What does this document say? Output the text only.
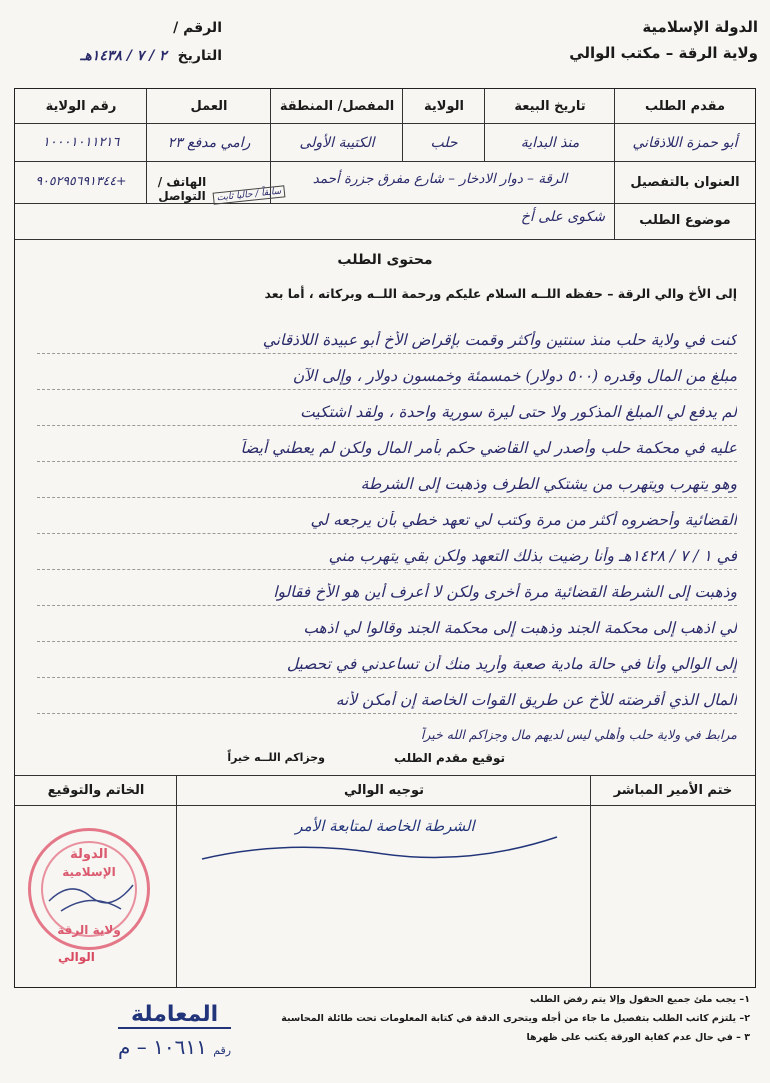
الدولة الإسلامية
ولاية الرقة – مكتب الوالي
الرقم /
التاريخ ٢ / ٧ / ١٤٣٨هـ
مقدم الطلب
تاريخ البيعة
الولاية
المفصل/ المنطقة
العمل
رقم الولاية
أبو حمزة اللاذقاني
منذ البداية
حلب
الكتيبة الأولى
رامي مدفع ٢٣
١٠٠٠١٠١١٢١٦
العنوان بالتفصيل
الرقة – دوار الادخار – شارع مفرق جزرة أحمد
سابقاً / حاليا ثابت
الهاتف / التواصل
+٩٠٥٢٩٥٦٩١٣٤٤
موضوع الطلب
شكوى على أخ
محتوى الطلب
إلى الأخ والي الرقة – حفظه اللــه السلام عليكم ورحمة اللــه وبركاته ، أما بعد
كنت في ولاية حلب منذ سنتين وأكثر وقمت بإقراض الأخ أبو عبيدة اللاذقاني
مبلغ من المال وقدره (٥٠٠ دولار) خمسمئة وخمسون دولار ، وإلى الآن
لم يدفع لي المبلغ المذكور ولا حتى ليرة سورية واحدة ، ولقد اشتكيت
عليه في محكمة حلب وأصدر لي القاضي حكم بأمر المال ولكن لم يعطني أيضاً
وهو يتهرب ويتهرب من يشتكي الطرف وذهبت إلى الشرطة
القضائية وأحضروه أكثر من مرة وكتب لي تعهد خطي بأن يرجعه لي
في ١ / ٧ / ١٤٢٨هـ وأنا رضيت بذلك التعهد ولكن بقي يتهرب مني
وذهبت إلى الشرطة القضائية مرة أخرى ولكن لا أعرف أين هو الأخ فقالوا
لي اذهب إلى محكمة الجند وذهبت إلى محكمة الجند وقالوا لي اذهب
إلى الوالي وأنا في حالة مادية صعبة وأريد منك أن تساعدني في تحصيل
المال الذي أقرضته للأخ عن طريق القوات الخاصة إن أمكن لأنه
مرابط في ولاية حلب وأهلي ليس لديهم مال وجزاكم الله خيراً
وجزاكم اللــه خيراً	توقيع مقدم الطلب
ختم الأمير المباشر
توجيه الوالي
الخاتم والتوقيع
الشرطة الخاصة لمتابعة الأمر
الدولة
الإسلامية
ولاية الرقة
الوالي
١– يجب ملئ جميع الحقول وإلا يتم رفض الطلب
٢– يلتزم كاتب الطلب بتفصيل ما جاء من أجله ويتحرى الدقة في كتابة المعلومات تحت طائلة المحاسبة
٣ – في حال عدم كفاية الورقة يكتب على ظهرها
المعاملة
رقم ١٠٦١١ – م
